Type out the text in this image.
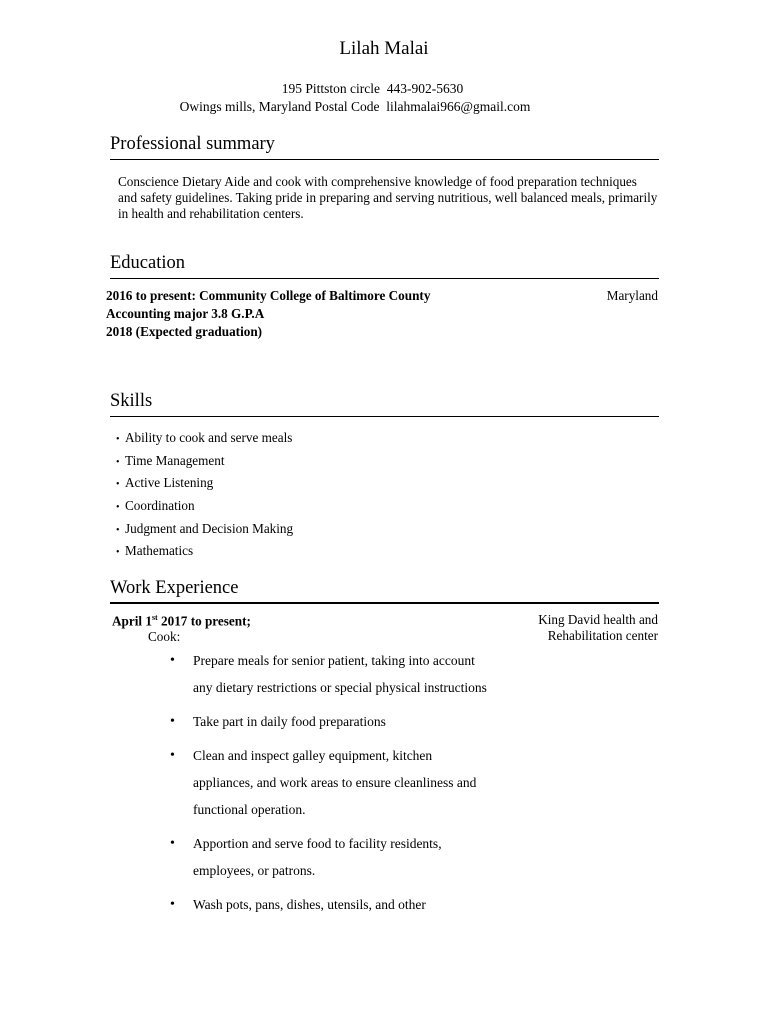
Lilah Malai
195 Pittston circle  443-902-5630
Owings mills, Maryland Postal Code  lilahmalai966@gmail.com
Professional summary
Conscience Dietary Aide and cook with comprehensive knowledge of food preparation techniques and safety guidelines. Taking pride in preparing and serving nutritious, well balanced meals, primarily in health and rehabilitation centers.
Education
2016 to present: Community College of Baltimore County
Accounting major 3.8 G.P.A
2018 (Expected graduation)
Maryland
Skills
• Ability to cook and serve meals
• Time Management
• Active Listening
• Coordination
• Judgment and Decision Making
• Mathematics
Work Experience
April 1st 2017 to present;
Cook:
King David health and
Rehabilitation center
• Prepare meals for senior patient, taking into account any dietary restrictions or special physical instructions
• Take part in daily food preparations
• Clean and inspect galley equipment, kitchen appliances, and work areas to ensure cleanliness and functional operation.
• Apportion and serve food to facility residents, employees, or patrons.
• Wash pots, pans, dishes, utensils, and other
